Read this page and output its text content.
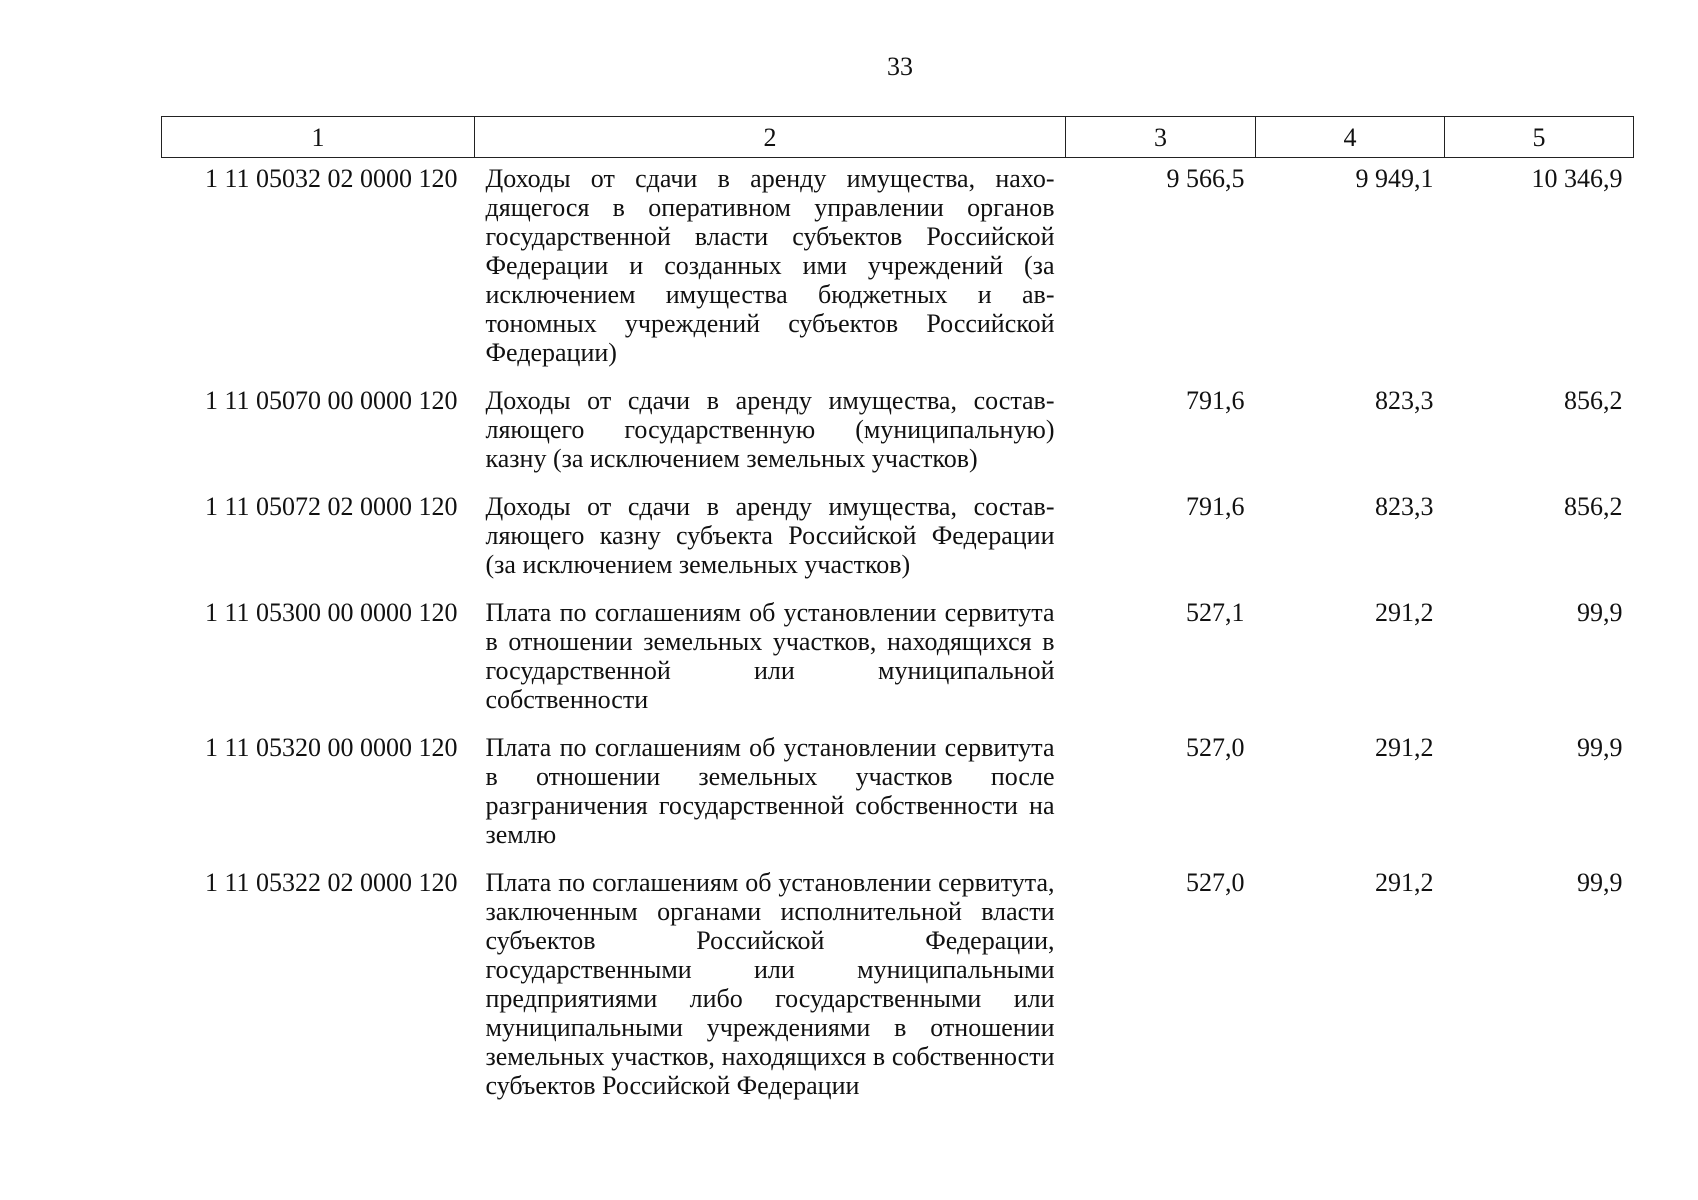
33
1	2	3	4	5
1 11 05032 02 0000 120	Доходы от сдачи в аренду имущества, находящегося в оперативном управлении органов государственной власти субъектов Российской Федерации и созданных ими учреждений (за исключением имущества бюджетных и автономных учреждений субъектов Российской Федерации)	9 566,5	9 949,1	10 346,9
1 11 05070 00 0000 120	Доходы от сдачи в аренду имущества, составляющего государственную (муниципальную) казну (за исключением земельных участков)	791,6	823,3	856,2
1 11 05072 02 0000 120	Доходы от сдачи в аренду имущества, составляющего казну субъекта Российской Федерации (за исключением земельных участков)	791,6	823,3	856,2
1 11 05300 00 0000 120	Плата по соглашениям об установлении сервитута в отношении земельных участков, находящихся в государственной или муниципальной собственности	527,1	291,2	99,9
1 11 05320 00 0000 120	Плата по соглашениям об установлении сервитута в отношении земельных участков после разграничения государственной собственности на землю	527,0	291,2	99,9
1 11 05322 02 0000 120	Плата по соглашениям об установлении сервитута, заключенным органами исполнительной власти субъектов Российской Федерации, государственными или муниципальными предприятиями либо государственными или муниципальными учреждениями в отношении земельных участков, находящихся в собственности субъектов Российской Федерации	527,0	291,2	99,9
